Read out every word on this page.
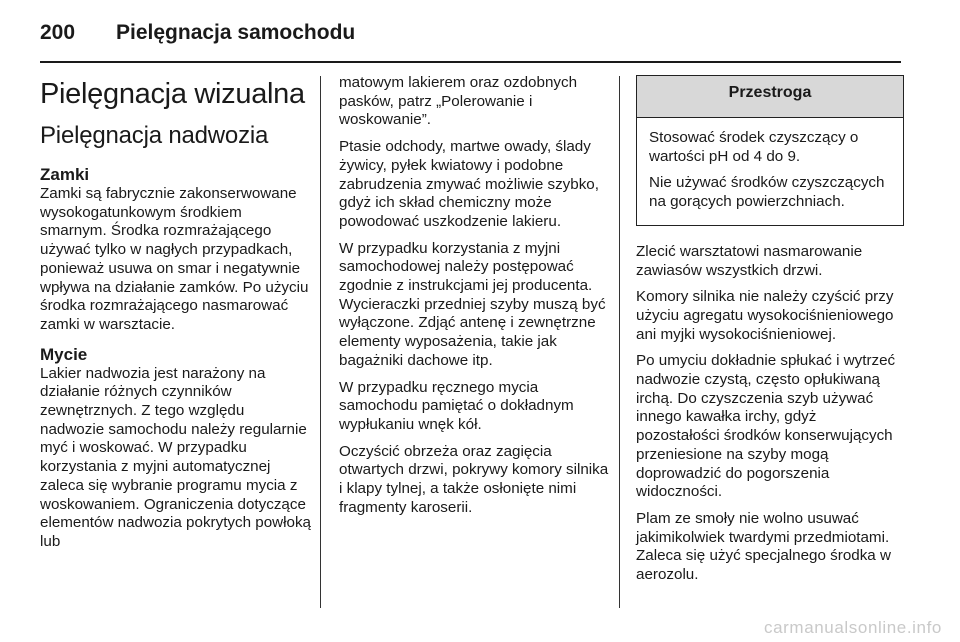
200 Pielęgnacja samochodu
Pielęgnacja wizualna
Pielęgnacja nadwozia
Zamki

Zamki są fabrycznie zakonserwowane wysokogatunkowym środkiem smarnym. Środka rozmrażającego używać tylko w nagłych przypadkach, ponieważ usuwa on smar i negatywnie wpływa na działanie zamków. Po użyciu środka rozmrażającego nasmarować zamki w warsztacie.

Mycie

Lakier nadwozia jest narażony na działanie różnych czynników zewnętrznych. Z tego względu nadwozie samochodu należy regularnie myć i woskować. W przypadku korzystania z myjni automatycznej zaleca się wybranie programu mycia z woskowaniem. Ograniczenia dotyczące elementów nadwozia pokrytych powłoką lub

matowym lakierem oraz ozdobnych pasków, patrz „Polerowanie i woskowanie”.

Ptasie odchody, martwe owady, ślady żywicy, pyłek kwiatowy i podobne zabrudzenia zmywać możliwie szybko, gdyż ich skład chemiczny może powodować uszkodzenie lakieru.

W przypadku korzystania z myjni samochodowej należy postępować zgodnie z instrukcjami jej producenta. Wycieraczki przedniej szyby muszą być wyłączone. Zdjąć antenę i zewnętrzne elementy wyposażenia, takie jak bagażniki dachowe itp.

W przypadku ręcznego mycia samochodu pamiętać o dokładnym wypłukaniu wnęk kół.

Oczyścić obrzeża oraz zagięcia otwartych drzwi, pokrywy komory silnika i klapy tylnej, a także osłonięte nimi fragmenty karoserii.

Przestroga

Stosować środek czyszczący o wartości pH od 4 do 9.

Nie używać środków czyszczących na gorących powierzchniach.

Zlecić warsztatowi nasmarowanie zawiasów wszystkich drzwi.

Komory silnika nie należy czyścić przy użyciu agregatu wysokociśnieniowego ani myjki wysokociśnieniowej.

Po umyciu dokładnie spłukać i wytrzeć nadwozie czystą, często opłukiwaną irchą. Do czyszczenia szyb używać innego kawałka irchy, gdyż pozostałości środków konserwujących przeniesione na szyby mogą doprowadzić do pogorszenia widoczności.

Plam ze smoły nie wolno usuwać jakimikolwiek twardymi przedmiotami. Zaleca się użyć specjalnego środka w aerozolu.

carmanualsonline.info
